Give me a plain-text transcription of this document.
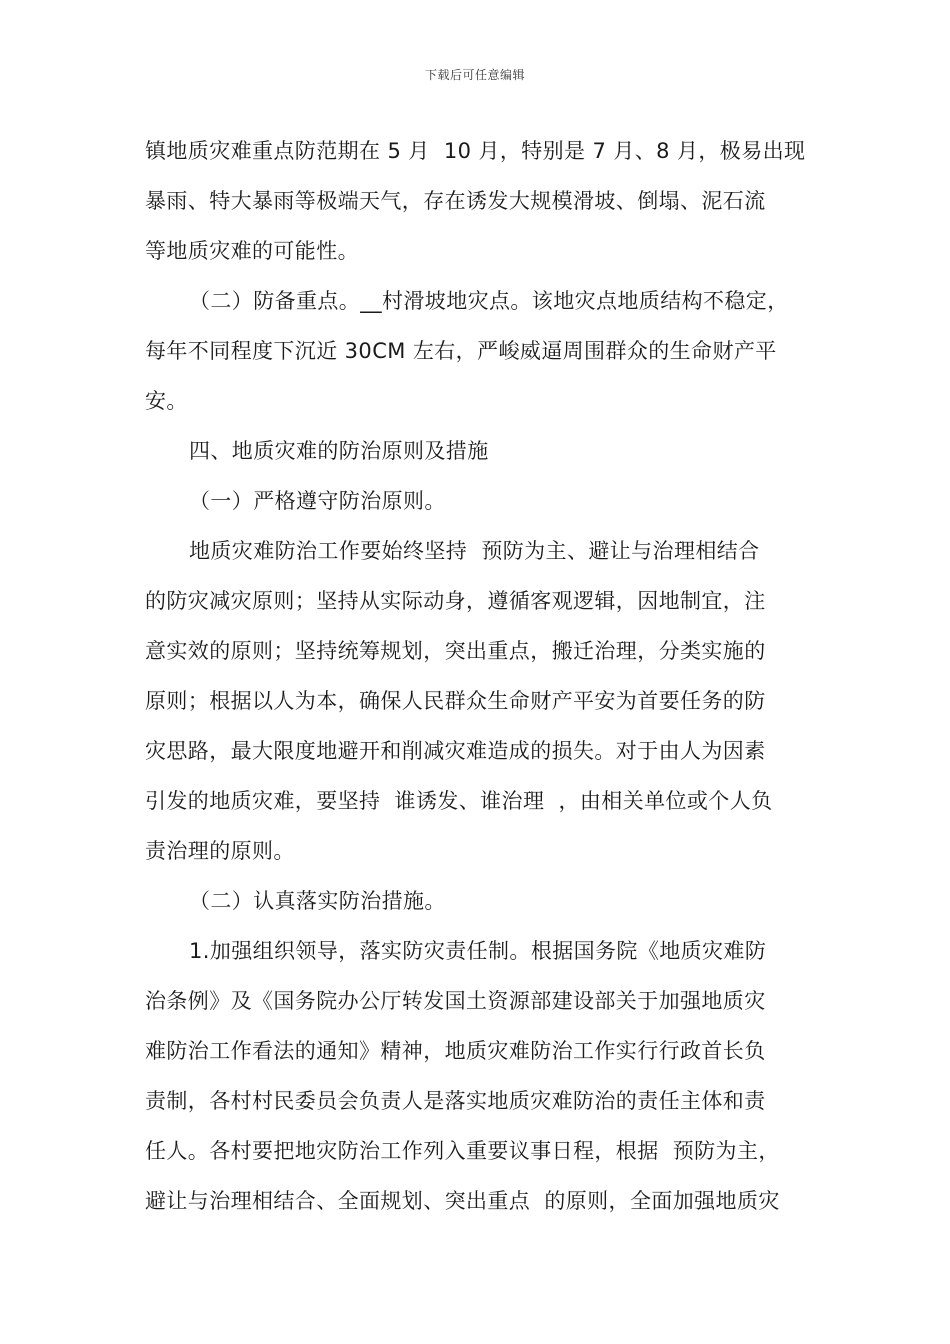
下载后可任意编辑
镇地质灾难重点防范期在 5 月  10 月，特别是 7 月、8 月，极易出现
暴雨、特大暴雨等极端天气，存在诱发大规模滑坡、倒塌、泥石流
等地质灾难的可能性。
（二）防备重点。__村滑坡地灾点。该地灾点地质结构不稳定，
每年不同程度下沉近 30CM 左右，严峻威逼周围群众的生命财产平
安。
四、地质灾难的防治原则及措施
（一）严格遵守防治原则。
地质灾难防治工作要始终坚持  预防为主、避让与治理相结合
的防灾减灾原则；坚持从实际动身，遵循客观逻辑，因地制宜，注
意实效的原则；坚持统筹规划，突出重点，搬迁治理，分类实施的
原则；根据以人为本，确保人民群众生命财产平安为首要任务的防
灾思路，最大限度地避开和削减灾难造成的损失。对于由人为因素
引发的地质灾难，要坚持  谁诱发、谁治理  ，由相关单位或个人负
责治理的原则。
（二）认真落实防治措施。
1.加强组织领导，落实防灾责任制。根据国务院《地质灾难防
治条例》及《国务院办公厅转发国土资源部建设部关于加强地质灾
难防治工作看法的通知》精神，地质灾难防治工作实行行政首长负
责制，各村村民委员会负责人是落实地质灾难防治的责任主体和责
任人。各村要把地灾防治工作列入重要议事日程，根据  预防为主，
避让与治理相结合、全面规划、突出重点  的原则，全面加强地质灾
